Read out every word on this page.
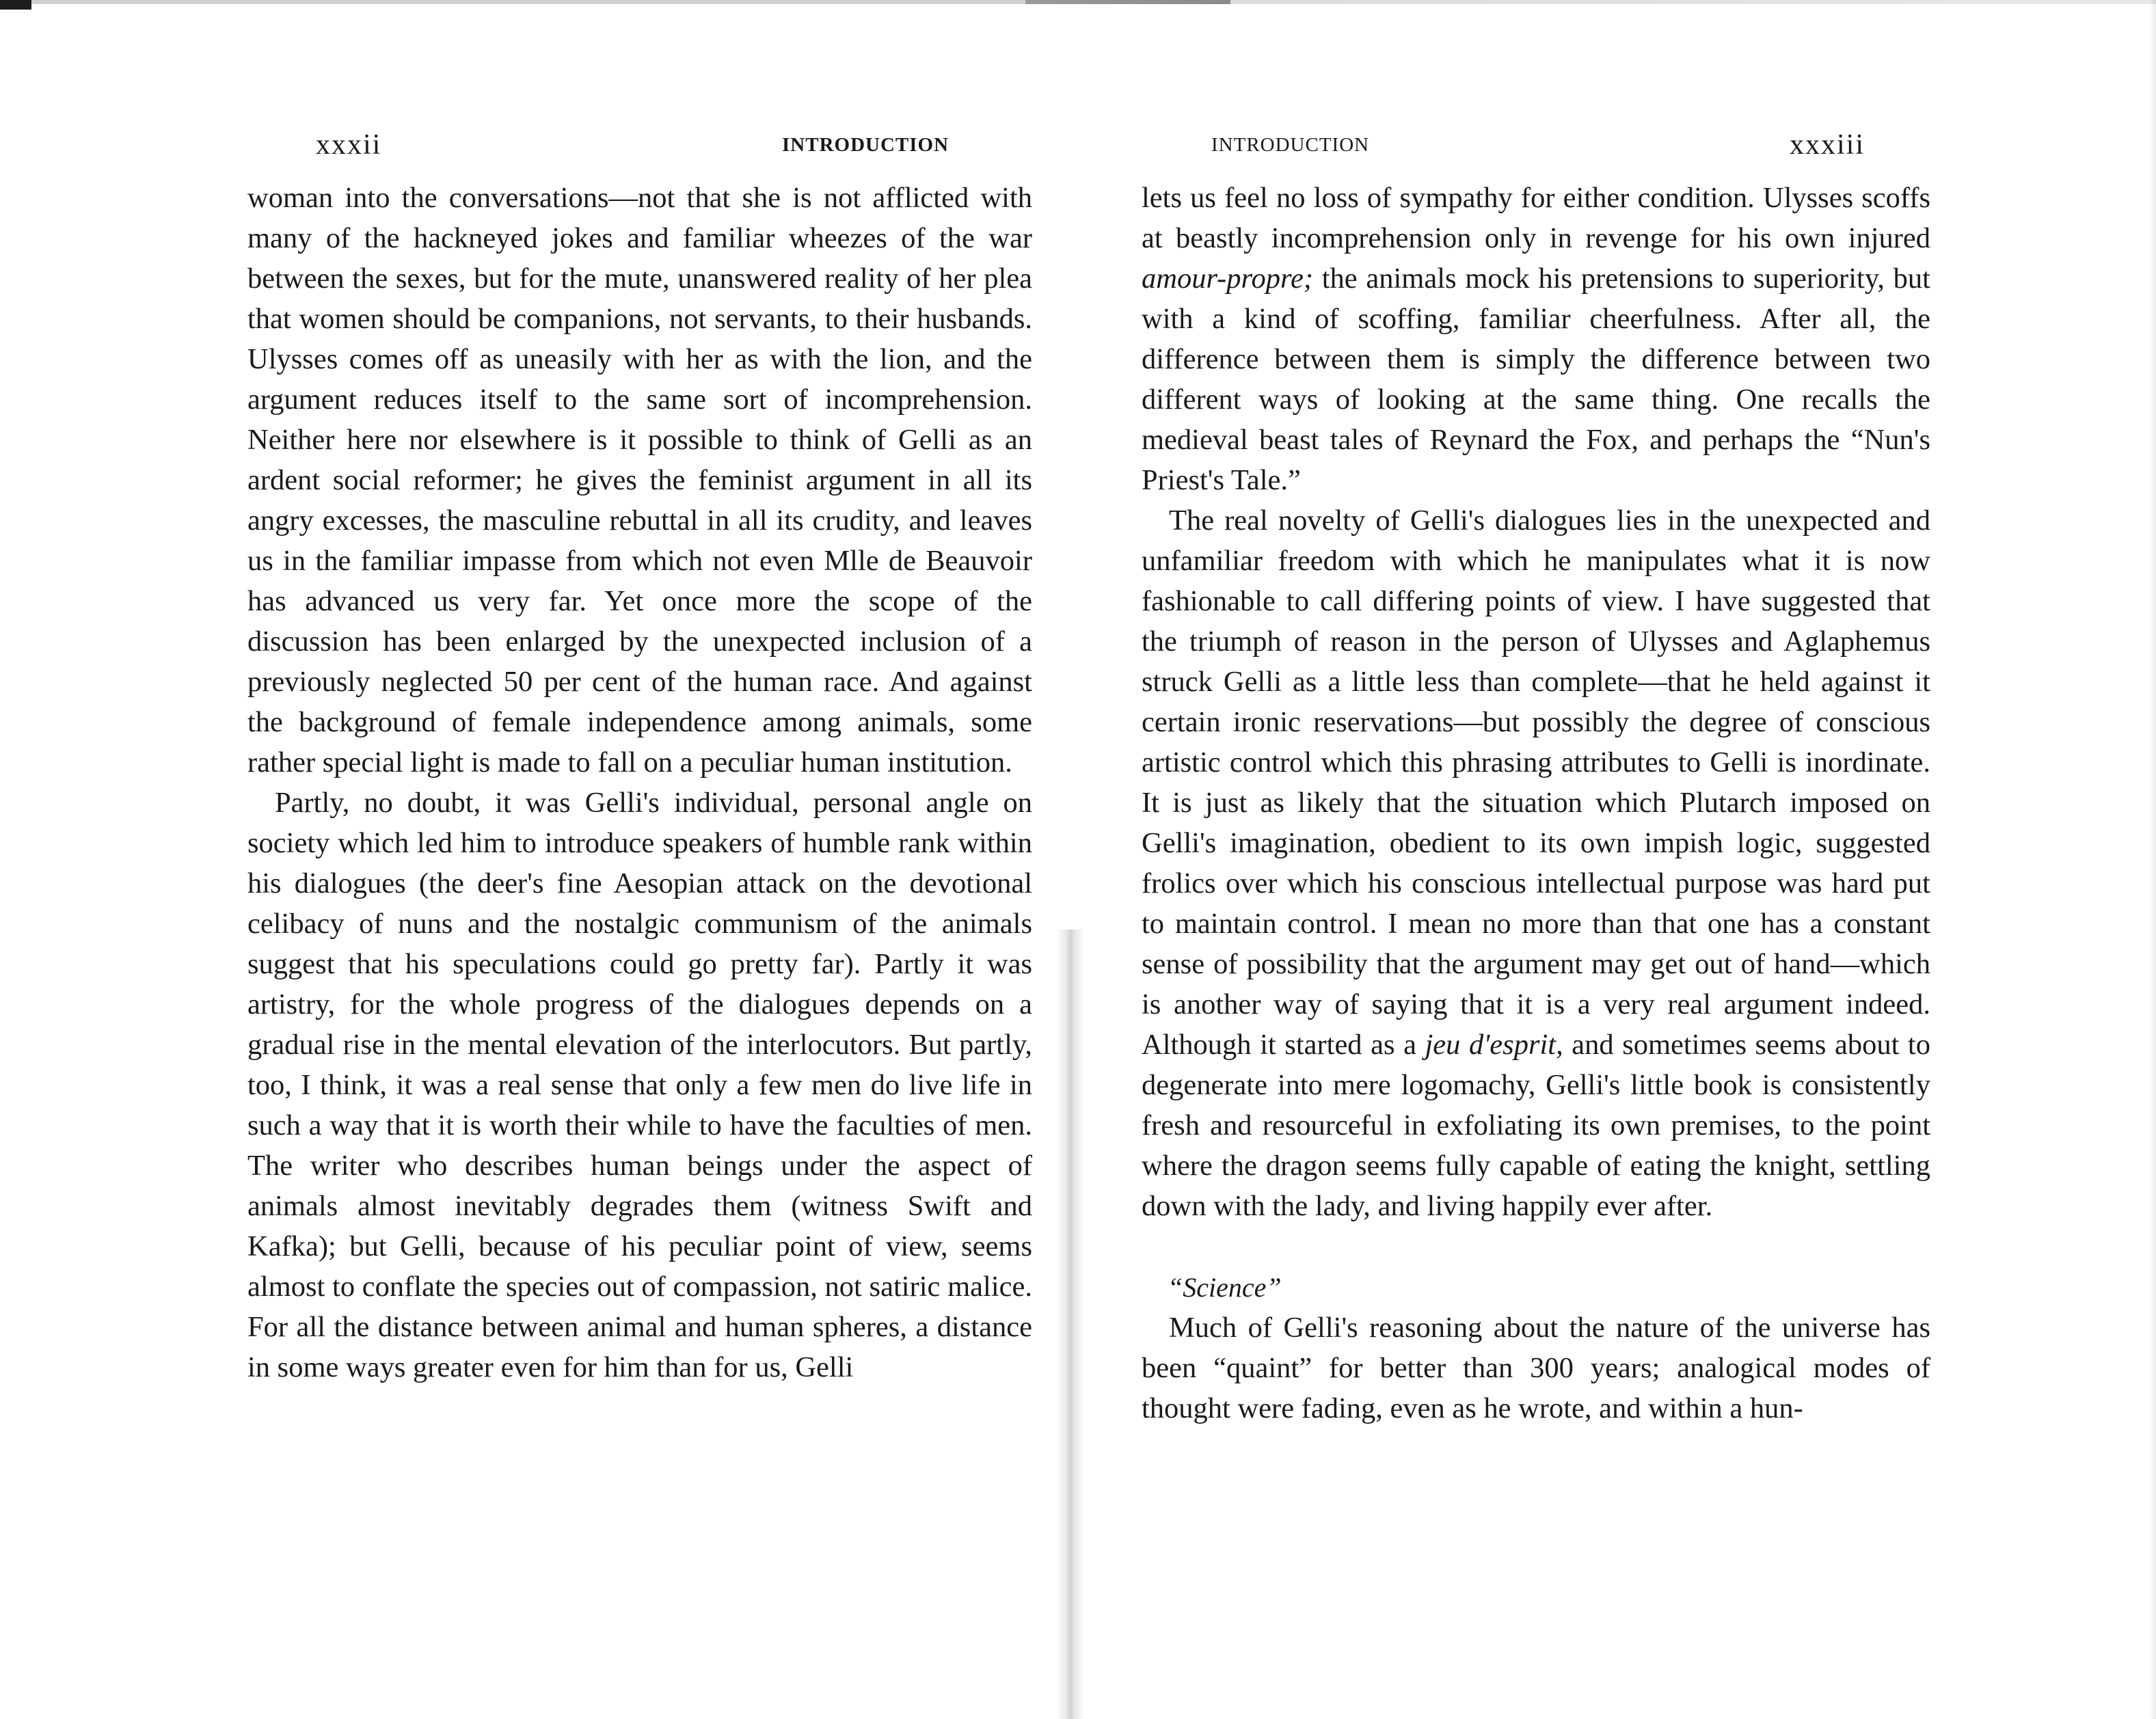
xxxii	INTRODUCTION

woman into the conversations—not that she is not afflicted with many of the hackneyed jokes and familiar wheezes of the war between the sexes, but for the mute, unanswered reality of her plea that women should be companions, not servants, to their husbands. Ulysses comes off as uneasily with her as with the lion, and the argument reduces itself to the same sort of incomprehension. Neither here nor elsewhere is it possible to think of Gelli as an ardent social reformer; he gives the feminist argument in all its angry excesses, the masculine rebuttal in all its crudity, and leaves us in the familiar impasse from which not even Mlle de Beauvoir has advanced us very far. Yet once more the scope of the discussion has been enlarged by the unexpected inclusion of a previously neglected 50 per cent of the human race. And against the background of female independence among animals, some rather special light is made to fall on a peculiar human institution.

Partly, no doubt, it was Gelli's individual, personal angle on society which led him to introduce speakers of humble rank within his dialogues (the deer's fine Aesopian attack on the devotional celibacy of nuns and the nostalgic communism of the animals suggest that his speculations could go pretty far). Partly it was artistry, for the whole progress of the dialogues depends on a gradual rise in the mental elevation of the interlocutors. But partly, too, I think, it was a real sense that only a few men do live life in such a way that it is worth their while to have the faculties of men. The writer who describes human beings under the aspect of animals almost inevitably degrades them (witness Swift and Kafka); but Gelli, because of his peculiar point of view, seems almost to conflate the species out of compassion, not satiric malice. For all the distance between animal and human spheres, a distance in some ways greater even for him than for us, Gelli

INTRODUCTION	xxxiii

lets us feel no loss of sympathy for either condition. Ulysses scoffs at beastly incomprehension only in revenge for his own injured amour-propre; the animals mock his pretensions to superiority, but with a kind of scoffing, familiar cheerfulness. After all, the difference between them is simply the difference between two different ways of looking at the same thing. One recalls the medieval beast tales of Reynard the Fox, and perhaps the “Nun's Priest's Tale.”

The real novelty of Gelli's dialogues lies in the unexpected and unfamiliar freedom with which he manipulates what it is now fashionable to call differing points of view. I have suggested that the triumph of reason in the person of Ulysses and Aglaphemus struck Gelli as a little less than complete—that he held against it certain ironic reservations—but possibly the degree of conscious artistic control which this phrasing attributes to Gelli is inordinate. It is just as likely that the situation which Plutarch imposed on Gelli's imagination, obedient to its own impish logic, suggested frolics over which his conscious intellectual purpose was hard put to maintain control. I mean no more than that one has a constant sense of possibility that the argument may get out of hand—which is another way of saying that it is a very real argument indeed. Although it started as a jeu d'esprit, and sometimes seems about to degenerate into mere logomachy, Gelli's little book is consistently fresh and resourceful in exfoliating its own premises, to the point where the dragon seems fully capable of eating the knight, settling down with the lady, and living happily ever after.

“Science”

Much of Gelli's reasoning about the nature of the universe has been “quaint” for better than 300 years; analogical modes of thought were fading, even as he wrote, and within a hun-
